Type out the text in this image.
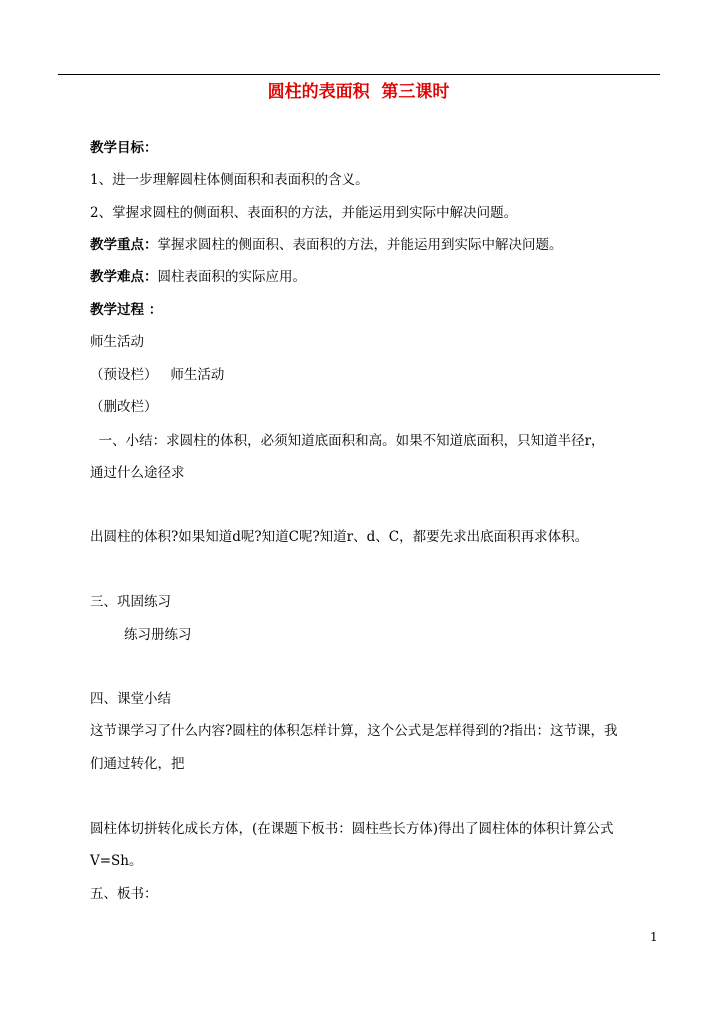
圆柱的表面积  第三课时
教学目标：
1、进一步理解圆柱体侧面积和表面积的含义。
2、掌握求圆柱的侧面积、表面积的方法，并能运用到实际中解决问题。
教学重点：掌握求圆柱的侧面积、表面积的方法，并能运用到实际中解决问题。
教学难点：圆柱表面积的实际应用。
教学过程 ：
师生活动
（预设栏）   师生活动
（删改栏）
一、小结：求圆柱的体积，必须知道底面积和高。如果不知道底面积，只知道半径r，
通过什么途径求
出圆柱的体积?如果知道d呢?知道C呢?知道r、d、C，都要先求出底面积再求体积。
三、巩固练习
练习册练习
四、课堂小结
这节课学习了什么内容?圆柱的体积怎样计算，这个公式是怎样得到的?指出：这节课，我
们通过转化，把
圆柱体切拼转化成长方体，(在课题下板书：圆柱些长方体)得出了圆柱体的体积计算公式
V=Sh。
五、板书：
1
